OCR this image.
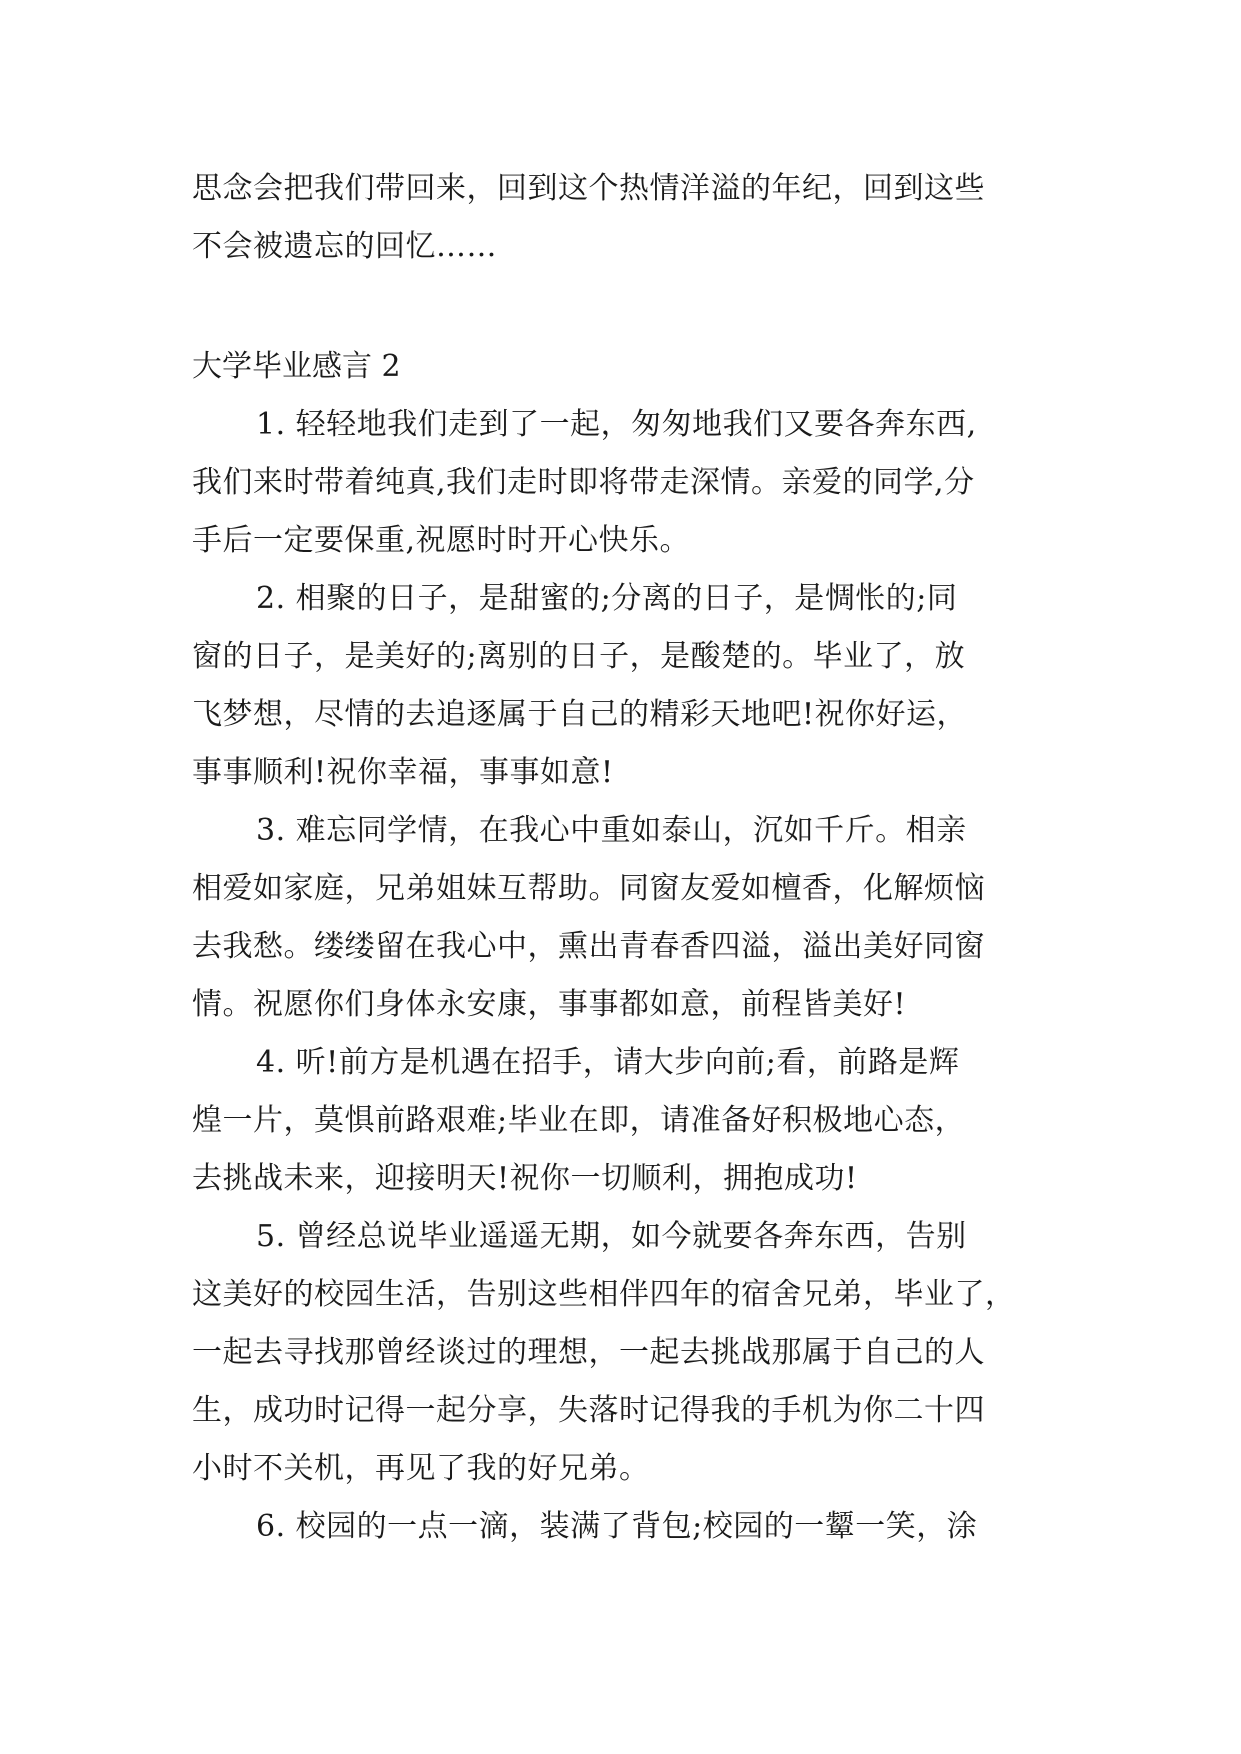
思念会把我们带回来，回到这个热情洋溢的年纪，回到这些
不会被遗忘的回忆……
大学毕业感言 2
1. 轻轻地我们走到了一起，匆匆地我们又要各奔东西,
我们来时带着纯真,我们走时即将带走深情。亲爱的同学,分
手后一定要保重,祝愿时时开心快乐。
2. 相聚的日子，是甜蜜的;分离的日子，是惆怅的;同
窗的日子，是美好的;离别的日子，是酸楚的。毕业了，放
飞梦想，尽情的去追逐属于自己的精彩天地吧!祝你好运，
事事顺利!祝你幸福，事事如意!
3. 难忘同学情，在我心中重如泰山，沉如千斤。相亲
相爱如家庭，兄弟姐妹互帮助。同窗友爱如檀香，化解烦恼
去我愁。缕缕留在我心中，熏出青春香四溢，溢出美好同窗
情。祝愿你们身体永安康，事事都如意，前程皆美好!
4. 听!前方是机遇在招手，请大步向前;看，前路是辉
煌一片，莫惧前路艰难;毕业在即，请准备好积极地心态，
去挑战未来，迎接明天!祝你一切顺利，拥抱成功!
5. 曾经总说毕业遥遥无期，如今就要各奔东西，告别
这美好的校园生活，告别这些相伴四年的宿舍兄弟，毕业了，
一起去寻找那曾经谈过的理想，一起去挑战那属于自己的人
生，成功时记得一起分享，失落时记得我的手机为你二十四
小时不关机，再见了我的好兄弟。
6. 校园的一点一滴，装满了背包;校园的一颦一笑，涂
